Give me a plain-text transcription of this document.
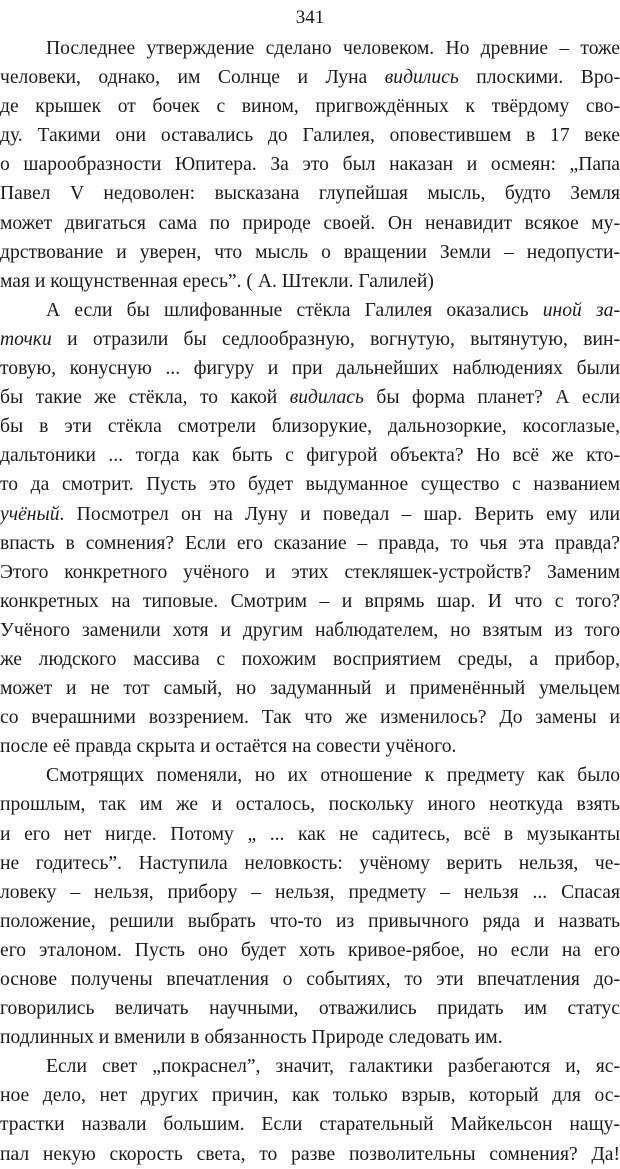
341
Последнее утверждение сделано человеком. Но древние – тоже
человеки, однако, им Солнце и Луна видились плоскими. Вро-
де крышек от бочек с вином, пригвождённых к твёрдому сво-
ду. Такими они оставались до Галилея, оповестившем в 17 веке
о шарообразности Юпитера. За это был наказан и осмеян: „Папа
Павел V недоволен: высказана глупейшая мысль, будто Земля
может двигаться сама по природе своей. Он ненавидит всякое му-
дрствование и уверен, что мысль о вращении Земли – недопусти-
мая и кощунственная ересь”. ( А. Штекли. Галилей)
А если бы шлифованные стёкла Галилея оказались иной за-
точки и отразили бы седлообразную, вогнутую, вытянутую, вин-
товую, конусную ... фигуру и при дальнейших наблюдениях были
бы такие же стёкла, то какой видилась бы форма планет? А если
бы в эти стёкла смотрели близорукие, дальнозоркие, косоглазые,
дальтоники ... тогда как быть с фигурой объекта? Но всё же кто-
то да смотрит. Пусть это будет выдуманное существо с названием
учёный. Посмотрел он на Луну и поведал – шар. Верить ему или
впасть в сомнения? Если его сказание – правда, то чья эта правда?
Этого конкретного учёного и этих стекляшек-устройств? Заменим
конкретных на типовые. Смотрим – и впрямь шар. И что с того?
Учёного заменили хотя и другим наблюдателем, но взятым из того
же людского массива с похожим восприятием среды, а прибор,
может и не тот самый, но задуманный и применённый умельцем
со вчерашними воззрением. Так что же изменилось? До замены и
после её правда скрыта и остаётся на совести учёного.
Смотрящих поменяли, но их отношение к предмету как было
прошлым, так им же и осталось, поскольку иного неоткуда взять
и его нет нигде. Потому „ ... как не садитесь, всё в музыканты
не годитесь”. Наступила неловкость: учёному верить нельзя, че-
ловеку – нельзя, прибору – нельзя, предмету – нельзя ... Спасая
положение, решили выбрать что-то из привычного ряда и назвать
его эталоном. Пусть оно будет хоть кривое-рябое, но если на его
основе получены впечатления о событиях, то эти впечатления до-
говорились величать научными, отважились придать им статус
подлинных и вменили в обязанность Природе следовать им.
Если свет „покраснел”, значит, галактики разбегаются и, яс-
ное дело, нет других причин, как только взрыв, который для ос-
трастки назвали большим. Если старательный Майкельсон нащу-
пал некую скорость света, то разве позволительны сомнения? Да!
